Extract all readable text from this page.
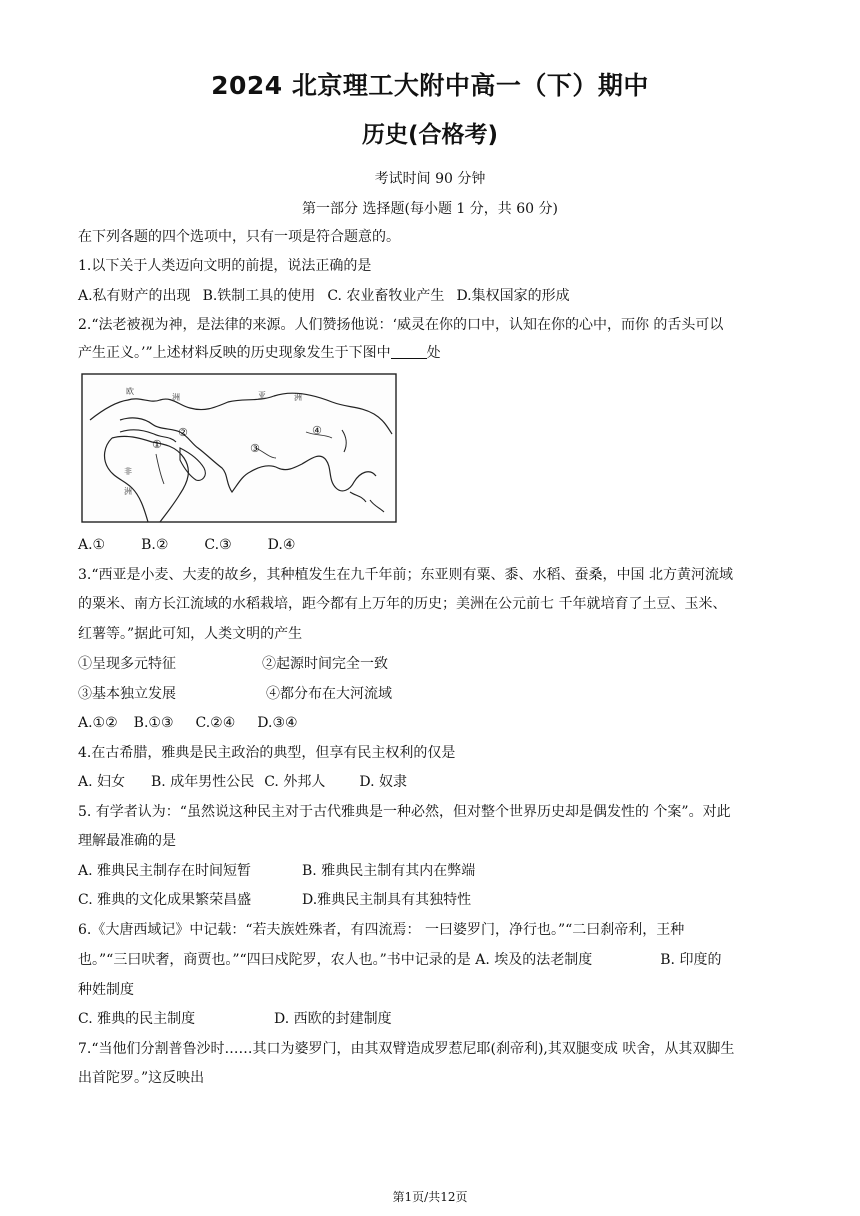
2024 北京理工大附中高一（下）期中
历史(合格考)
考试时间 90 分钟
第一部分 选择题(每小题 1 分，共 60 分)
在下列各题的四个选项中，只有一项是符合题意的。
1.以下关于人类迈向文明的前提，说法正确的是
A.私有财产的出现 B.铁制工具的使用 C. 农业畜牧业产生 D.集权国家的形成
2.“法老被视为神，是法律的来源。人们赞扬他说：‘威灵在你的口中，认知在你的心中，而你 的舌头可以
产生正义。’”上述材料反映的历史现象发生于下图中	处
欧
洲	亚	洲
非
洲
①
②
③
④
A.①	B.②	C.③	D.④
3.“西亚是小麦、大麦的故乡，其种植发生在九千年前；东亚则有粟、黍、水稻、蚕桑，中国 北方黄河流域
的粟米、南方长江流域的水稻栽培，距今都有上万年的历史；美洲在公元前七 千年就培育了土豆、玉米、
红薯等。”据此可知，人类文明的产生
①呈现多元特征	②起源时间完全一致
③基本独立发展	④都分布在大河流域
A.①② B.①③ C.②④ D.③④
4.在古希腊，雅典是民主政治的典型，但享有民主权利的仅是
A. 妇女 B. 成年男性公民 C. 外邦人 D. 奴隶
5. 有学者认为：“虽然说这种民主对于古代雅典是一种必然，但对整个世界历史却是偶发性的 个案”。对此
理解最准确的是
A. 雅典民主制存在时间短暂	B. 雅典民主制有其内在弊端
C. 雅典的文化成果繁荣昌盛	D.雅典民主制具有其独特性
6.《大唐西域记》中记载：“若夫族姓殊者，有四流焉： 一曰婆罗门，净行也。”“二曰刹帝利，王种
也。”“三曰吠奢，商贾也。”“四曰戍陀罗，农人也。”书中记录的是 A. 埃及的法老制度	B. 印度的
种姓制度
C. 雅典的民主制度	D. 西欧的封建制度
7.“当他们分割普鲁沙时……其口为婆罗门，由其双臂造成罗惹尼耶(刹帝利),其双腿变成 吠舍，从其双脚生
出首陀罗。”这反映出
第1页/共12页
